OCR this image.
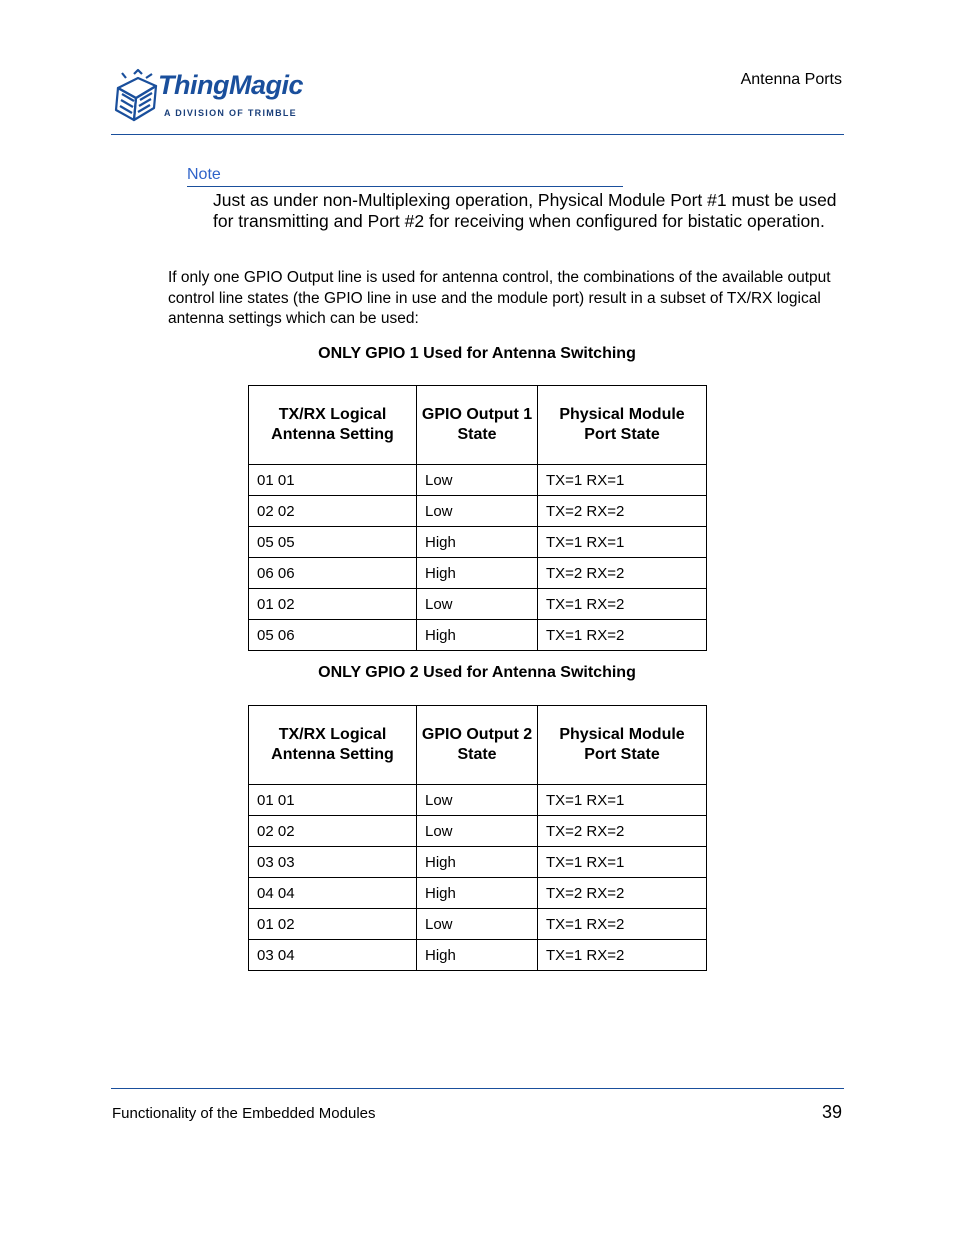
ThingMagic
A DIVISION OF TRIMBLE
Antenna Ports
Note
Just as under non-Multiplexing operation, Physical Module Port #1 must be used for transmitting and Port #2 for receiving when configured for bistatic operation.
If only one GPIO Output line is used for antenna control, the combinations of the available output control line states (the GPIO line in use and the module port) result in a subset of TX/RX logical antenna settings which can be used:
ONLY GPIO 1 Used for Antenna Switching
TX/RX Logical Antenna Setting	GPIO Output 1 State	Physical Module Port State
01 01	Low	TX=1 RX=1
02 02	Low	TX=2 RX=2
05 05	High	TX=1 RX=1
06 06	High	TX=2 RX=2
01 02	Low	TX=1 RX=2
05 06	High	TX=1 RX=2
ONLY GPIO 2 Used for Antenna Switching
TX/RX Logical Antenna Setting	GPIO Output 2 State	Physical Module Port State
01 01	Low	TX=1 RX=1
02 02	Low	TX=2 RX=2
03 03	High	TX=1 RX=1
04 04	High	TX=2 RX=2
01 02	Low	TX=1 RX=2
03 04	High	TX=1 RX=2
Functionality of the Embedded Modules	39
